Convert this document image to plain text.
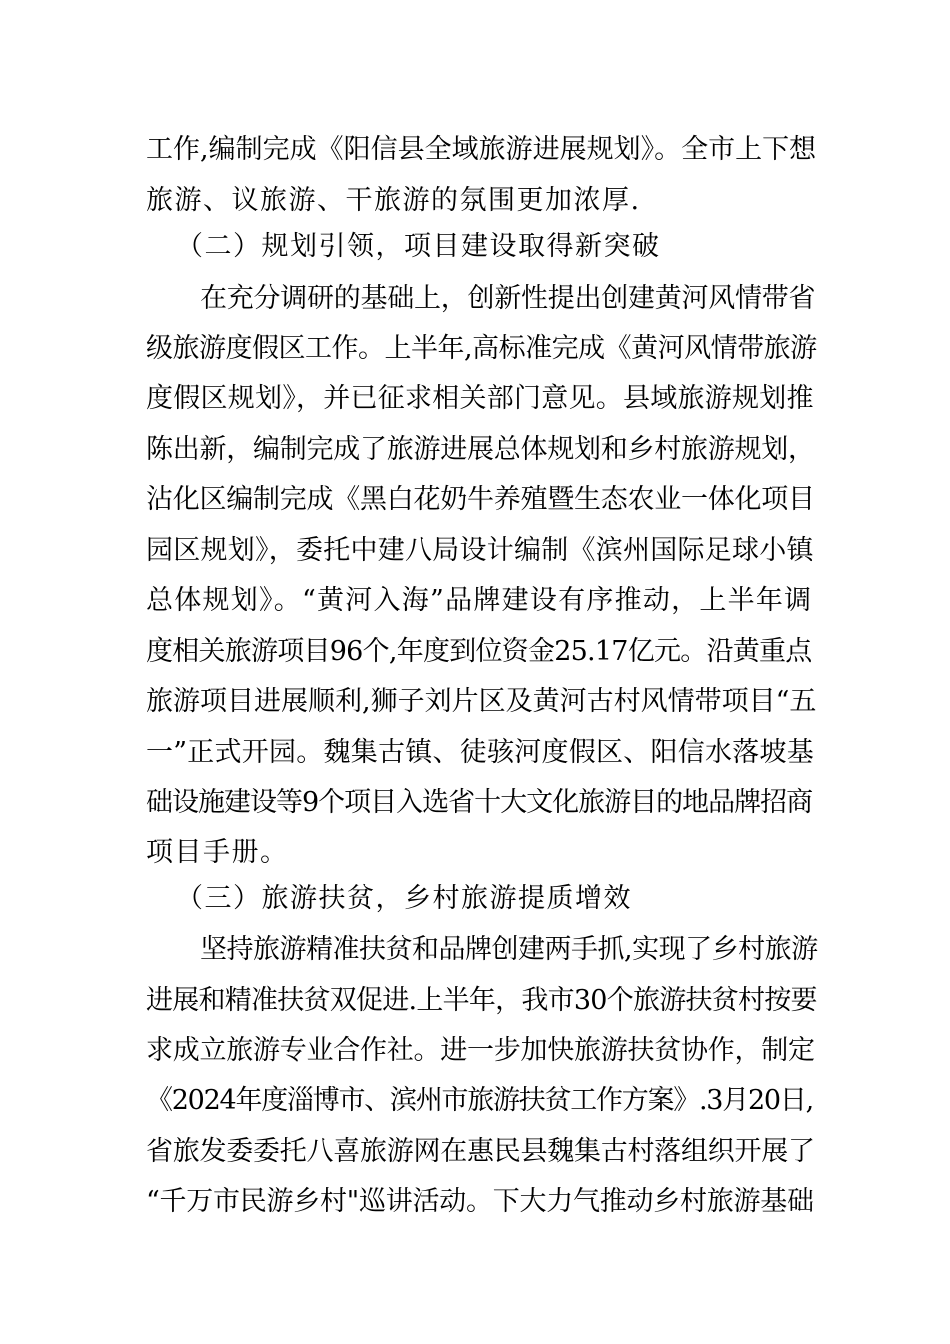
工作,编制完成《阳信县全域旅游进展规划》。全市上下想
旅游、议旅游、干旅游的氛围更加浓厚.
（二）规划引领，项目建设取得新突破
在充分调研的基础上，创新性提出创建黄河风情带省
级旅游度假区工作。上半年,高标准完成《黄河风情带旅游
度假区规划》，并已征求相关部门意见。县域旅游规划推
陈出新，编制完成了旅游进展总体规划和乡村旅游规划，
沾化区编制完成《黑白花奶牛养殖暨生态农业一体化项目
园区规划》，委托中建八局设计编制《滨州国际足球小镇
总体规划》。“黄河入海”品牌建设有序推动，上半年调
度相关旅游项目96个,年度到位资金25.17亿元。沿黄重点
旅游项目进展顺利,狮子刘片区及黄河古村风情带项目“五
一”正式开园。魏集古镇、徒骇河度假区、阳信水落坡基
础设施建设等9个项目入选省十大文化旅游目的地品牌招商
项目手册。
（三）旅游扶贫，乡村旅游提质增效
坚持旅游精准扶贫和品牌创建两手抓,实现了乡村旅游
进展和精准扶贫双促进.上半年，我市30个旅游扶贫村按要
求成立旅游专业合作社。进一步加快旅游扶贫协作，制定
《2024年度淄博市、滨州市旅游扶贫工作方案》.3月20日,
省旅发委委托八喜旅游网在惠民县魏集古村落组织开展了
“千万市民游乡村"巡讲活动。下大力气推动乡村旅游基础
